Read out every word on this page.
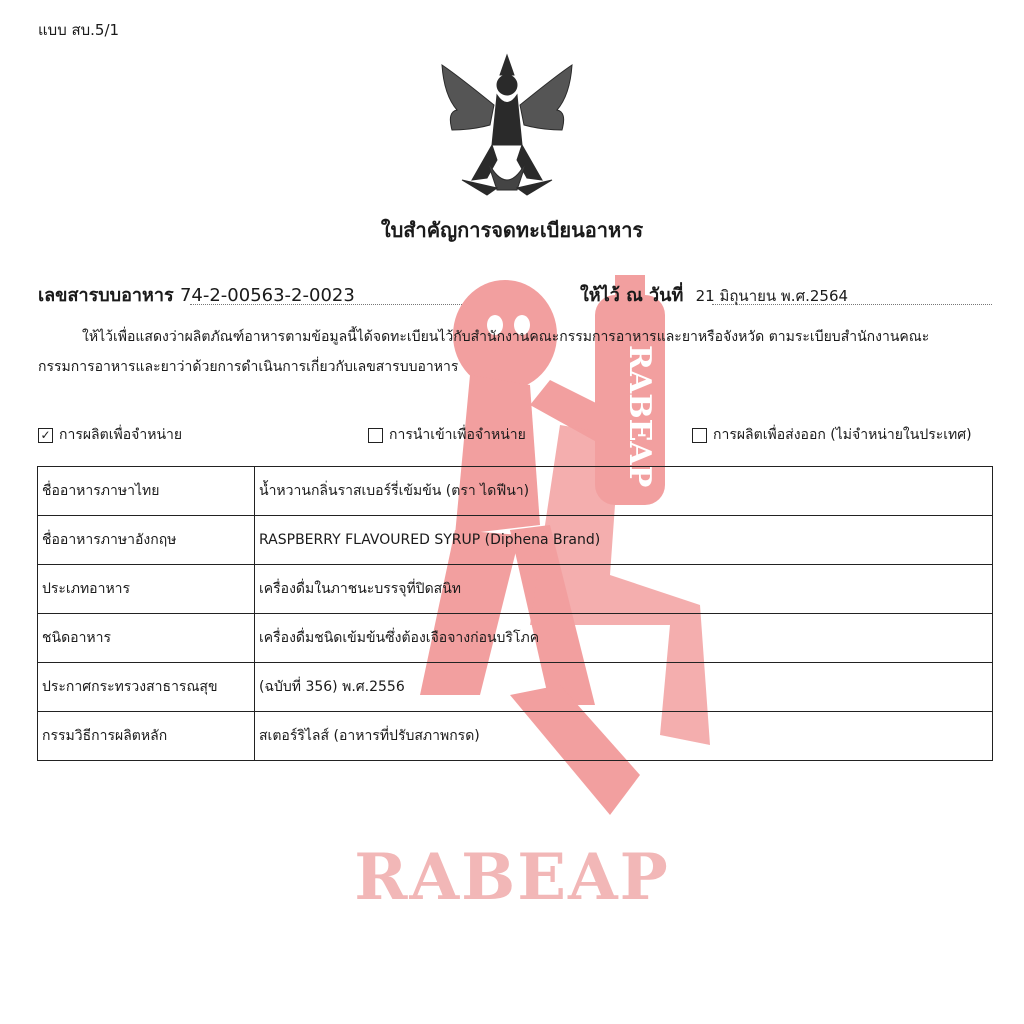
RABEAP
RABEAP
แบบ สบ.5/1
ใบสำคัญการจดทะเบียนอาหาร
เลขสารบบอาหาร 74-2-00563-2-0023	ให้ไว้ ณ วันที่ 21 มิถุนายน พ.ศ.2564
ให้ไว้เพื่อแสดงว่าผลิตภัณฑ์อาหารตามข้อมูลนี้ได้จดทะเบียนไว้กับสำนักงานคณะกรรมการอาหารและยาหรือจังหวัด ตามระเบียบสำนักงานคณะ
กรรมการอาหารและยาว่าด้วยการดำเนินการเกี่ยวกับเลขสารบบอาหาร
✓ การผลิตเพื่อจำหน่าย	การนำเข้าเพื่อจำหน่าย	การผลิตเพื่อส่งออก (ไม่จำหน่ายในประเทศ)
ชื่ออาหารภาษาไทย	น้ำหวานกลิ่นราสเบอร์รี่เข้มข้น (ตรา ไดฟีนา)
ชื่ออาหารภาษาอังกฤษ	RASPBERRY FLAVOURED SYRUP (Diphena Brand)
ประเภทอาหาร	เครื่องดื่มในภาชนะบรรจุที่ปิดสนิท
ชนิดอาหาร	เครื่องดื่มชนิดเข้มข้นซึ่งต้องเจือจางก่อนบริโภค
ประกาศกระทรวงสาธารณสุข	(ฉบับที่ 356) พ.ศ.2556
กรรมวิธีการผลิตหลัก	สเตอร์ริไลส์ (อาหารที่ปรับสภาพกรด)
